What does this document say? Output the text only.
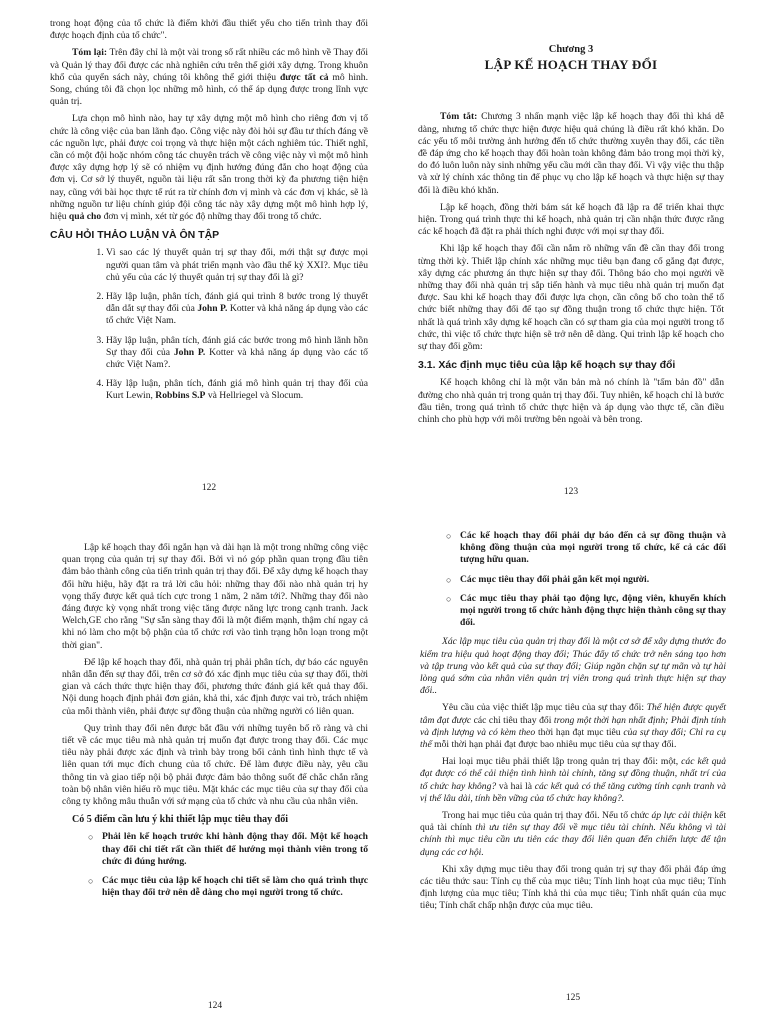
trong hoạt động của tổ chức là điểm khởi đầu thiết yếu cho tiến trình thay đổi được hoạch định của tổ chức".

Tóm lại: Trên đây chỉ là một vài trong số rất nhiều các mô hình về Thay đổi và Quản lý thay đổi được các nhà nghiên cứu trên thế giới xây dựng. Trong khuôn khổ của quyển sách này, chúng tôi không thể giới thiệu được tất cả mô hình. Song, chúng tôi đã chọn lọc những mô hình, có thể áp dụng được trong lĩnh vực quản trị.

Lựa chọn mô hình nào, hay tự xây dựng một mô hình cho riêng đơn vị tổ chức là công việc của ban lãnh đạo. Công việc này đòi hỏi sự đầu tư thích đáng về các nguồn lực, phải được coi trọng và thực hiện một cách nghiêm túc. Thiết nghĩ, cần có một đội hoặc nhóm công tác chuyên trách về công việc này vì một mô hình được xây dựng hợp lý sẽ có nhiệm vụ định hướng đúng đắn cho hoạt động của đơn vị. Cơ sở lý thuyết, nguồn tài liệu rất sẵn trong thời kỳ đa phương tiện hiện nay, cũng với bài học thực tế rút ra từ chính đơn vị mình và các đơn vị khác, sẽ là những nguồn tư liệu chính giúp đội công tác này xây dựng một mô hình hợp lý, hiệu quả cho đơn vị mình, xét từ góc độ những thay đổi trong tổ chức.

CÂU HỎI THẢO LUẬN VÀ ÔN TẬP
1. Vì sao các lý thuyết quản trị sự thay đổi, mới thật sự được mọi người quan tâm và phát triển mạnh vào đầu thế kỷ XXI?. Mục tiêu chủ yếu của các lý thuyết quản trị sự thay đổi là gì?
2. Hãy lập luận, phân tích, đánh giá qui trình 8 bước trong lý thuyết dẫn dắt sự thay đổi của John P. Kotter và khả năng áp dụng vào các tổ chức Việt Nam.
3. Hãy lập luận, phân tích, đánh giá các bước trong mô hình lãnh hồn Sự thay đổi của John P. Kotter và khả năng áp dụng vào các tổ chức Việt Nam?.
4. Hãy lập luận, phân tích, đánh giá mô hình quản trị thay đổi của Kurt Lewin, Robbins S.P và Hellriegel và Slocum.
122
Chương 3
LẬP KẾ HOẠCH THAY ĐỔI

Tóm tắt: Chương 3 nhấn mạnh việc lập kế hoạch thay đổi thì khá dễ dàng, nhưng tổ chức thực hiện được hiệu quả chúng là điều rất khó khăn. Do các yếu tố môi trường ảnh hưởng đến tổ chức thường xuyên thay đổi, các tiền đề đáp ứng cho kế hoạch thay đổi hoàn toàn không đảm bảo trong mọi thời kỳ, do đó luôn luôn này sinh những yếu cầu mới cần thay đổi. Vì vậy việc thu thập và xử lý chính xác thông tin để phục vụ cho lập kế hoạch và thực hiện sự thay đổi là điều khó khăn.

Lập kế hoạch, đồng thời bám sát kế hoạch đã lập ra để triển khai thực hiện. Trong quá trình thực thi kế hoạch, nhà quản trị cần nhận thức được rằng các kế hoạch đã đặt ra phải thích nghi được với mọi sự thay đổi.

Khi lập kế hoạch thay đổi cần nắm rõ những vấn đề cần thay đổi trong từng thời kỳ. Thiết lập chính xác những mục tiêu bạn đang cố gắng đạt được, xây dựng các phương án thực hiện sự thay đổi. Thông báo cho mọi người về những thay đổi nhà quản trị sắp tiến hành và mục tiêu nhà quản trị muốn đạt được. Sau khi kế hoạch thay đổi được lựa chọn, cần công bố cho toàn thể tổ chức biết những thay đổi để tạo sự đồng thuận trong tổ chức thực hiện. Tốt nhất là quá trình xây dựng kế hoạch cần có sự tham gia của mọi người trong tổ chức, thì việc tổ chức thực hiện sẽ trở nên dễ dàng. Qui trình lập kế hoạch cho sự thay đổi gồm:

3.1. Xác định mục tiêu của lập kế hoạch sự thay đổi

Kế hoạch không chỉ là một văn bản mà nó chính là "tấm bản đồ" dẫn đường cho nhà quản trị trong quản trị thay đổi. Tuy nhiên, kế hoạch chỉ là bước đầu tiên, trong quá trình tổ chức thực hiện và áp dụng vào thực tế, cần điều chỉnh cho phù hợp với môi trường bên ngoài và bên trong.

123

Lập kế hoạch thay đổi ngắn hạn và dài hạn là một trong những công việc quan trọng của quản trị sự thay đổi. Bởi vì nó góp phần quan trọng đầu tiên đảm bảo thành công của tiến trình quản trị thay đổi. Để xây dựng kế hoạch thay đổi hữu hiệu, hãy đặt ra trả lời câu hỏi: những thay đổi nào nhà quản trị hy vọng thấy được kết quả tích cực trong 1 năm, 2 năm tới?. Những thay đổi nào đáng được kỳ vọng nhất trong việc tăng được năng lực trong cạnh tranh. Jack Welch,GE cho rằng "Sự sẵn sàng thay đổi là một điểm mạnh, thậm chí ngay cả khi nó làm cho một bộ phận của tổ chức rơi vào tình trạng hỗn loạn trong một thời gian".

Để lập kế hoạch thay đổi, nhà quản trị phải phân tích, dự báo các nguyên nhân dẫn đến sự thay đổi, trên cơ sở đó xác định mục tiêu của sự thay đổi, thời gian và cách thức thực hiện thay đổi, phương thức đánh giá kết quả thay đổi. Nội dung hoạch định phải đơn giản, khả thi, xác định được vai trò, trách nhiệm của mỗi thành viên, phải được sự đồng thuận của những người có liên quan.

Quy trình thay đổi nên được bắt đầu với những tuyên bố rõ ràng và chi tiết về các mục tiêu mà nhà quản trị muốn đạt được trong thay đổi. Các mục tiêu này phải được xác định và trình bày trong bối cảnh tình hình thực tế và liên quan tới mục đích chung của tổ chức. Để làm được điều này, yêu cầu thông tin và giao tiếp nội bộ phải được đảm bảo thông suốt để chắc chắn rằng toàn bộ nhân viên hiểu rõ mục tiêu. Mặt khác các mục tiêu của sự thay đổi của công ty không mâu thuẫn với sứ mạng của tổ chức và nhu cầu của nhân viên.

Có 5 điểm cần lưu ý khi thiết lập mục tiêu thay đổi
○ Phải lên kế hoạch trước khi hành động thay đổi. Một kế hoạch thay đổi chi tiết rất cần thiết để hướng mọi thành viên trong tổ chức đi đúng hướng.
○ Các mục tiêu của lập kế hoạch chi tiết sẽ làm cho quá trình thực hiện thay đổi trở nên dễ dàng cho mọi người trong tổ chức.
124
○ Các kế hoạch thay đổi phải dự báo đến cả sự đồng thuận và không đồng thuận của mọi người trong tổ chức, kể cả các đối tượng hữu quan.
○ Các mục tiêu thay đổi phải gắn kết mọi người.
○ Các mục tiêu thay phải tạo động lực, động viên, khuyến khích mọi người trong tổ chức hành động thực hiện thành công sự thay đổi.

Xác lập mục tiêu của quản trị thay đổi là một cơ sở để xây dựng thước đo kiểm tra hiệu quả hoạt động thay đổi; Thúc đẩy tổ chức trở nên sáng tạo hơn và tập trung vào kết quả của sự thay đổi; Giúp ngăn chặn sự tự mãn và tự hài lòng quá sớm của nhân viên quản trị viên trong quá trình thực hiện sự thay đổi..

Yêu cầu của việc thiết lập mục tiêu của sự thay đổi: Thể hiện được quyết tâm đạt được các chỉ tiêu thay đổi trong một thời hạn nhất định; Phải định tính và định lượng và có kèm theo thời hạn đạt mục tiêu của sự thay đổi; Chỉ ra cụ thể mỗi thời hạn phải đạt được bao nhiêu mục tiêu của sự thay đổi.

Hai loại mục tiêu phải thiết lập trong quản trị thay đổi: một, các kết quả đạt được có thể cải thiện tình hình tài chính, tăng sự đồng thuận, nhất trí của tổ chức hay không? và hai là các kết quả có thể tăng cường tính cạnh tranh và vị thế lâu dài, tính bền vững của tổ chức hay không?.

Trong hai mục tiêu của quản trị thay đổi. Nếu tổ chức áp lực cải thiện kết quả tài chính thì ưu tiên sự thay đổi về mục tiêu tài chính. Nếu không vì tài chính thì mục tiêu cần ưu tiên các thay đổi liên quan đến chiến lược để tận dụng các cơ hội.

Khi xây dựng mục tiêu thay đổi trong quản trị sự thay đổi phải đáp ứng các tiêu thức sau: Tính cụ thể của mục tiêu; Tính linh hoạt của mục tiêu; Tính định lượng của mục tiêu; Tính khả thi của mục tiêu; Tính nhất quán của mục tiêu; Tính chất chấp nhận được của mục tiêu.

125
